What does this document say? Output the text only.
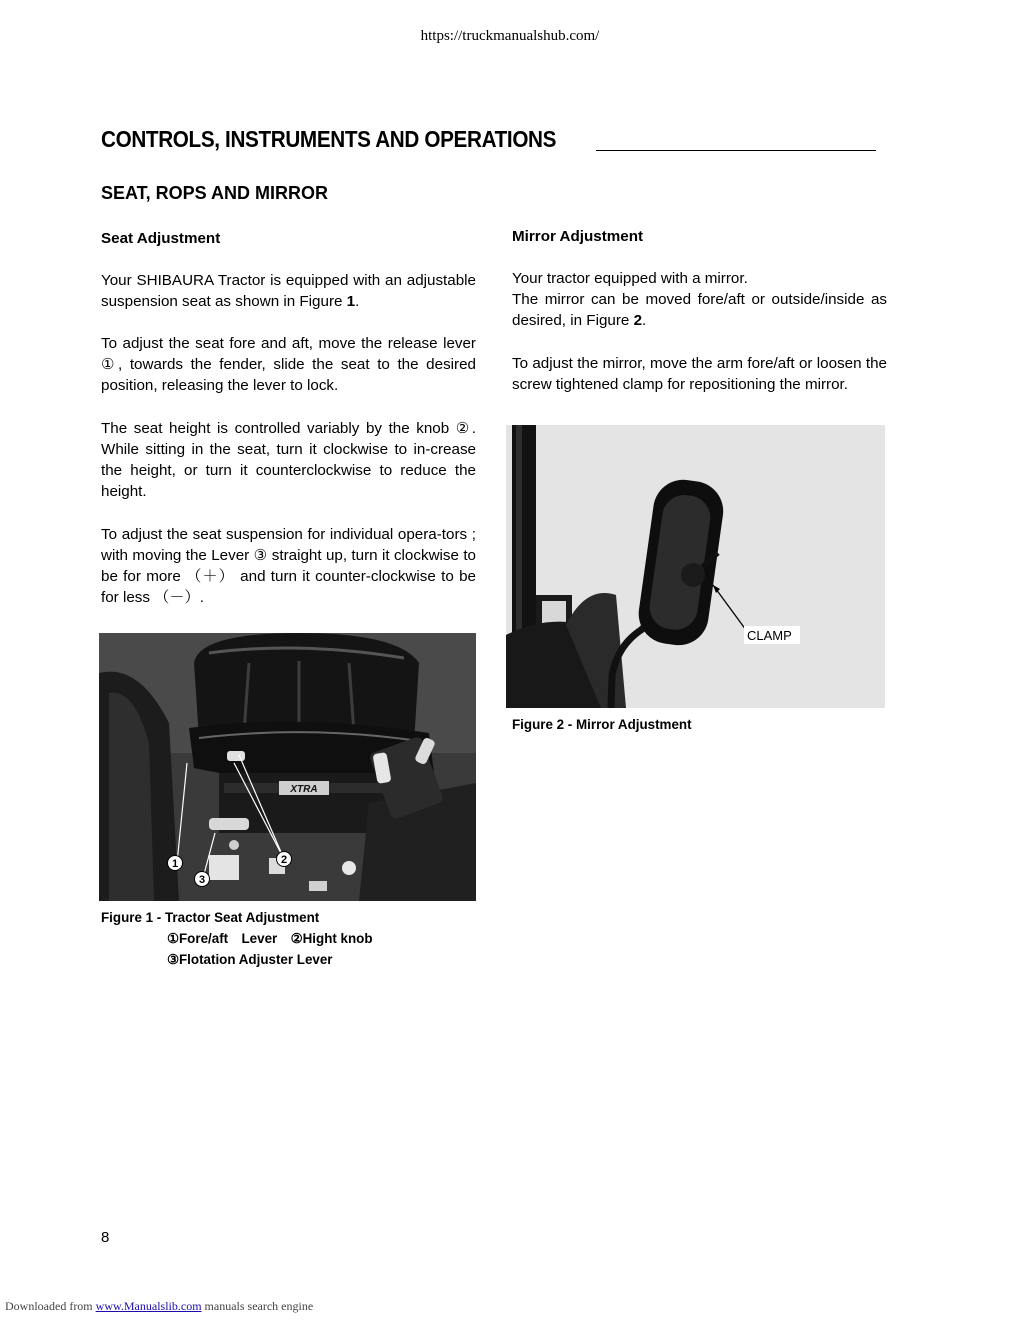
https://truckmanualshub.com/
CONTROLS, INSTRUMENTS AND OPERATIONS
SEAT, ROPS AND MIRROR
Seat Adjustment

Your SHIBAURA Tractor is equipped with an adjustable suspension seat as shown in Figure 1.

To adjust the seat fore and aft, move the release lever ①, towards the fender, slide the seat to the desired position, releasing the lever to lock.

The seat height is controlled variably by the knob ②. While sitting in the seat, turn it clockwise to in-crease the height, or turn it counterclockwise to reduce the height.

To adjust the seat suspension for individual opera-tors ; with moving the Lever ③ straight up, turn it clockwise to be for more （＋） and turn it counter-clockwise to be for less （－）.

Mirror Adjustment

Your tractor equipped with a mirror.

The mirror can be moved fore/aft or outside/inside as desired, in Figure 2.

To adjust the mirror, move the arm fore/aft or loosen the screw tightened clamp for repositioning the mirror.

XTRA
1	2
3
Figure 1 - Tractor Seat Adjustment
①Fore/aft　Lever　②Hight knob
③Flotation Adjuster Lever
CLAMP
Figure 2 - Mirror Adjustment
8
Downloaded from www.Manualslib.com manuals search engine
